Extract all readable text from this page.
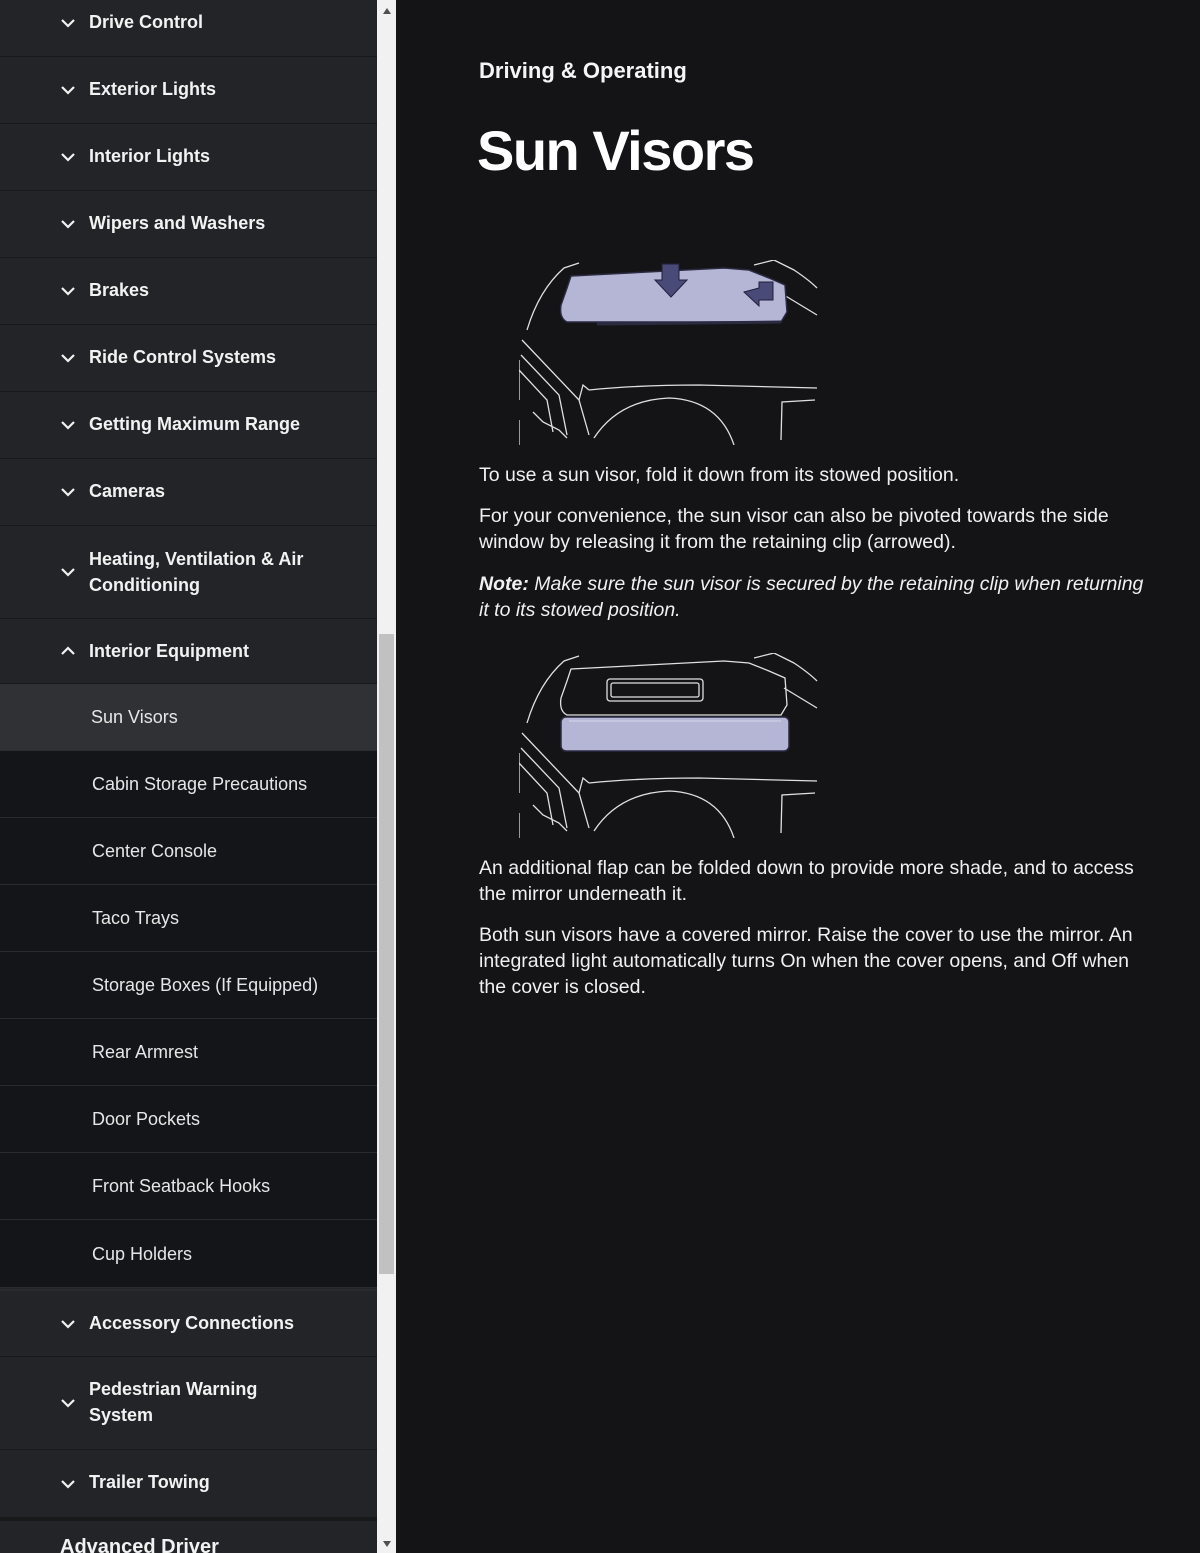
Drive Control
Exterior Lights
Interior Lights
Wipers and Washers
Brakes
Ride Control Systems
Getting Maximum Range
Cameras
Heating, Ventilation & Air Conditioning
Interior Equipment
Sun Visors
Cabin Storage Precautions
Center Console
Taco Trays
Storage Boxes (If Equipped)
Rear Armrest
Door Pockets
Front Seatback Hooks
Cup Holders
Accessory Connections
Pedestrian Warning System
Trailer Towing
Advanced Driver
Driving & Operating
Sun Visors

To use a sun visor, fold it down from its stowed position.

For your convenience, the sun visor can also be pivoted towards the side window by releasing it from the retaining clip (arrowed).

Note: Make sure the sun visor is secured by the retaining clip when returning it to its stowed position.

An additional flap can be folded down to provide more shade, and to access the mirror underneath it.

Both sun visors have a covered mirror. Raise the cover to use the mirror. An integrated light automatically turns On when the cover opens, and Off when the cover is closed.
